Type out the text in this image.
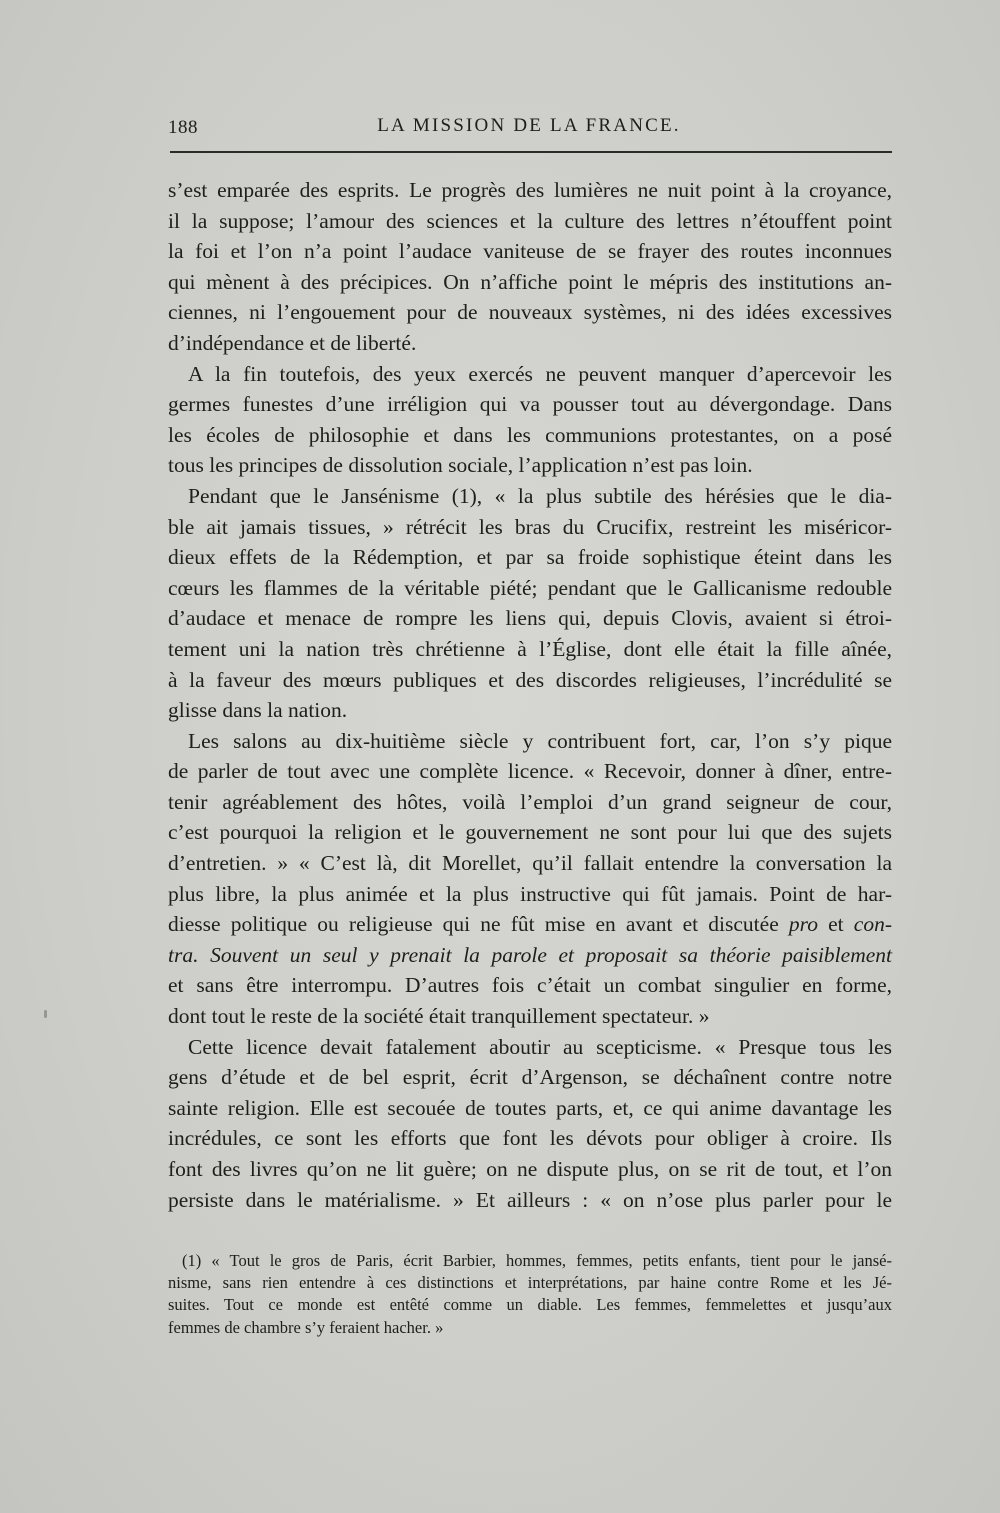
188	LA MISSION DE LA FRANCE.
s’est emparée des esprits. Le progrès des lumières ne nuit point à la croyance,
il la suppose; l’amour des sciences et la culture des lettres n’étouffent point
la foi et l’on n’a point l’audace vaniteuse de se frayer des routes inconnues
qui mènent à des précipices. On n’affiche point le mépris des institutions an-
ciennes, ni l’engouement pour de nouveaux systèmes, ni des idées excessives
d’indépendance et de liberté.
A la fin toutefois, des yeux exercés ne peuvent manquer d’apercevoir les
germes funestes d’une irréligion qui va pousser tout au dévergondage. Dans
les écoles de philosophie et dans les communions protestantes, on a posé
tous les principes de dissolution sociale, l’application n’est pas loin.
Pendant que le Jansénisme (1), « la plus subtile des hérésies que le dia-
ble ait jamais tissues, » rétrécit les bras du Crucifix, restreint les miséricor-
dieux effets de la Rédemption, et par sa froide sophistique éteint dans les
cœurs les flammes de la véritable piété; pendant que le Gallicanisme redouble
d’audace et menace de rompre les liens qui, depuis Clovis, avaient si étroi-
tement uni la nation très chrétienne à l’Église, dont elle était la fille aînée,
à la faveur des mœurs publiques et des discordes religieuses, l’incrédulité se
glisse dans la nation.
Les salons au dix-huitième siècle y contribuent fort, car, l’on s’y pique
de parler de tout avec une complète licence. « Recevoir, donner à dîner, entre-
tenir agréablement des hôtes, voilà l’emploi d’un grand seigneur de cour,
c’est pourquoi la religion et le gouvernement ne sont pour lui que des sujets
d’entretien. » « C’est là, dit Morellet, qu’il fallait entendre la conversation la
plus libre, la plus animée et la plus instructive qui fût jamais. Point de har-
diesse politique ou religieuse qui ne fût mise en avant et discutée pro et con-
tra. Souvent un seul y prenait la parole et proposait sa théorie paisiblement
et sans être interrompu. D’autres fois c’était un combat singulier en forme,
dont tout le reste de la société était tranquillement spectateur. »
Cette licence devait fatalement aboutir au scepticisme. « Presque tous les
gens d’étude et de bel esprit, écrit d’Argenson, se déchaînent contre notre
sainte religion. Elle est secouée de toutes parts, et, ce qui anime davantage les
incrédules, ce sont les efforts que font les dévots pour obliger à croire. Ils
font des livres qu’on ne lit guère; on ne dispute plus, on se rit de tout, et l’on
persiste dans le matérialisme. » Et ailleurs : « on n’ose plus parler pour le
(1) « Tout le gros de Paris, écrit Barbier, hommes, femmes, petits enfants, tient pour le jansé-
nisme, sans rien entendre à ces distinctions et interprétations, par haine contre Rome et les Jé-
suites. Tout ce monde est entêté comme un diable. Les femmes, femmelettes et jusqu’aux
femmes de chambre s’y feraient hacher. »
